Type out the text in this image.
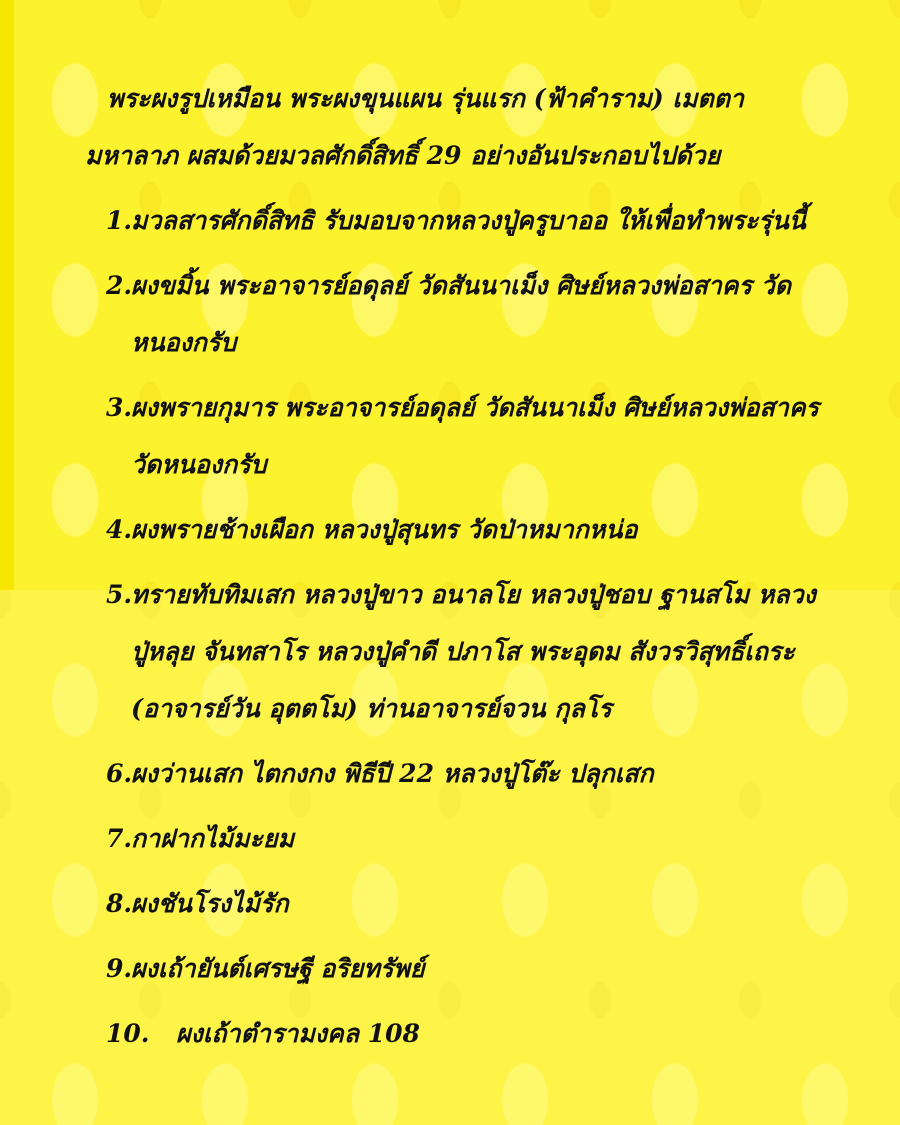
พระผงรูปเหมือน พระผงขุนแผน รุ่นแรก (ฟ้าคำราม) เมตตา มหาลาภ ผสมด้วยมวลศักดิ์สิทธิ์ 29 อย่างอันประกอบไปด้วย

1.
มวลสารศักดิ์สิทธิ รับมอบจากหลวงปู่ครูบาออ ให้เพื่อทำพระรุ่นนี้
2.
ผงขมิ้น พระอาจารย์อดุลย์ วัดสันนาเม็ง ศิษย์หลวงพ่อสาคร วัดหนองกรับ
3.
ผงพรายกุมาร พระอาจารย์อดุลย์ วัดสันนาเม็ง ศิษย์หลวงพ่อสาคร วัดหนองกรับ
4.
ผงพรายช้างเผือก หลวงปู่สุนทร วัดป่าหมากหน่อ
5.
ทรายทับทิมเสก หลวงปู่ขาว อนาลโย หลวงปู่ชอบ ฐานสโม หลวงปู่หลุย จันทสาโร หลวงปู่คำดี ปภาโส พระอุดม สังวรวิสุทธิ์เถระ (อาจารย์วัน อุตตโม) ท่านอาจารย์จวน กุลโร
6.
ผงว่านเสก ไตกงกง พิธีปี 22 หลวงปู่โต๊ะ ปลุกเสก
7.
กาฝากไม้มะยม
8.
ผงชันโรงไม้รัก
9.
ผงเถ้ายันต์เศรษฐี อริยทรัพย์
10.	ผงเถ้าตำรามงคล 108
